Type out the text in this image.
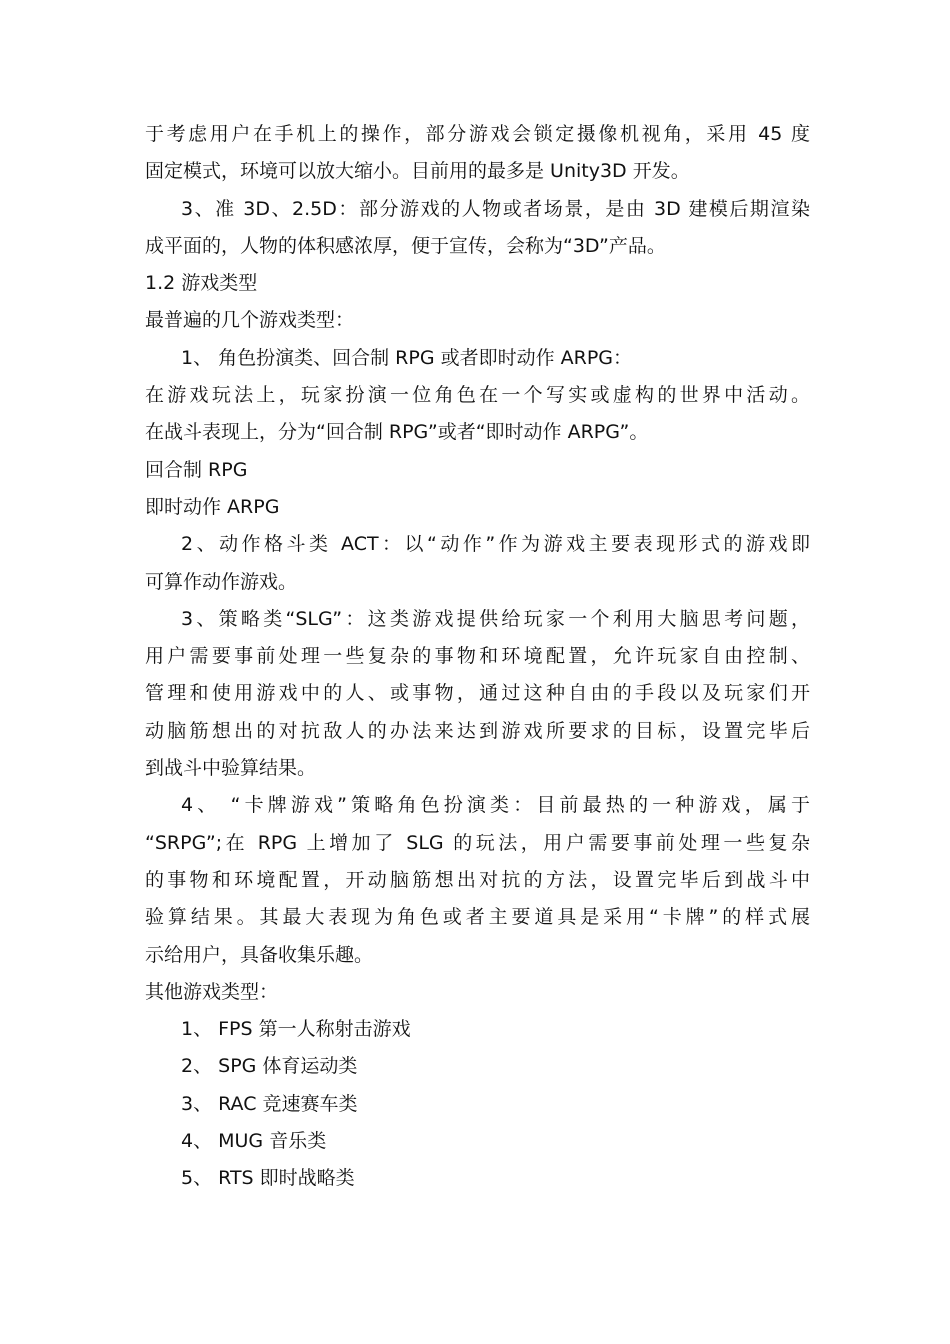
于考虑用户在手机上的操作，部分游戏会锁定摄像机视角，采用 45 度
固定模式，环境可以放大缩小。目前用的最多是 Unity3D 开发。
3、准 3D、2.5D：部分游戏的人物或者场景，是由 3D 建模后期渲染
成平面的，人物的体积感浓厚，便于宣传，会称为“3D”产品。
1.2 游戏类型
最普遍的几个游戏类型：
1、 角色扮演类、回合制 RPG 或者即时动作 ARPG：
在游戏玩法上，玩家扮演一位角色在一个写实或虚构的世界中活动。
在战斗表现上，分为“回合制 RPG”或者“即时动作 ARPG”。
回合制 RPG
即时动作 ARPG
2、动作格斗类 ACT：以“动作”作为游戏主要表现形式的游戏即
可算作动作游戏。
3、策略类“SLG”：这类游戏提供给玩家一个利用大脑思考问题，
用户需要事前处理一些复杂的事物和环境配置，允许玩家自由控制、
管理和使用游戏中的人、或事物，通过这种自由的手段以及玩家们开
动脑筋想出的对抗敌人的办法来达到游戏所要求的目标，设置完毕后
到战斗中验算结果。
4、 “卡牌游戏”策略角色扮演类：目前最热的一种游戏，属于
“SRPG”;在 RPG 上增加了 SLG 的玩法，用户需要事前处理一些复杂
的事物和环境配置，开动脑筋想出对抗的方法，设置完毕后到战斗中
验算结果。其最大表现为角色或者主要道具是采用“卡牌”的样式展
示给用户，具备收集乐趣。
其他游戏类型：
1、 FPS 第一人称射击游戏
2、 SPG 体育运动类
3、 RAC 竞速赛车类
4、 MUG 音乐类
5、 RTS 即时战略类
